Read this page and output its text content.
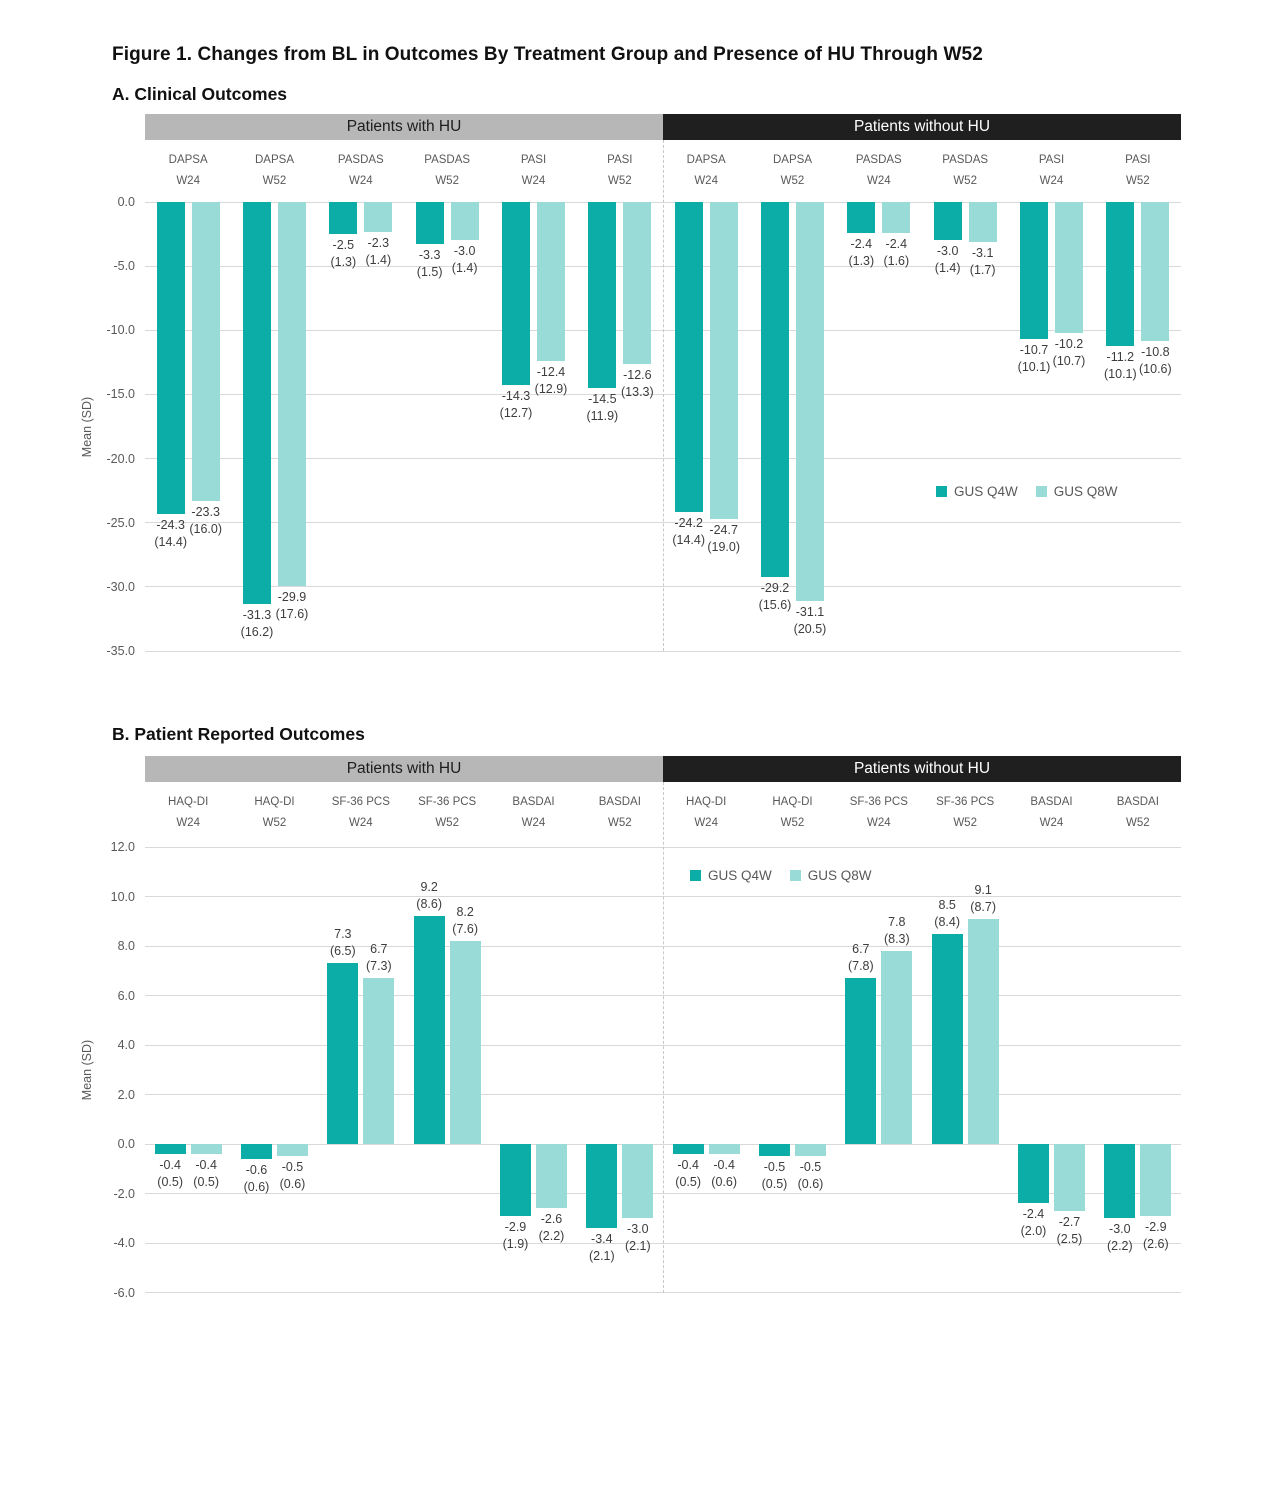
Figure 1. Changes from BL in Outcomes By Treatment Group and Presence of HU Through W52
A. Clinical Outcomes
B. Patient Reported Outcomes
0.0
-5.0
-10.0
-15.0
-20.0
-25.0
-30.0
-35.0
Patients with HU	Patients without HU
Mean (SD)
DAPSA
W24
-24.3
(14.4)
-23.3
(16.0)
DAPSA
W52
-31.3
(16.2)
-29.9
(17.6)
PASDAS
W24
-2.5
(1.3)
-2.3
(1.4)
PASDAS
W52
-3.3
(1.5)
-3.0
(1.4)
PASI
W24
-14.3
(12.7)
-12.4
(12.9)
PASI
W52
-14.5
(11.9)
-12.6
(13.3)
DAPSA
W24
-24.2
(14.4)
-24.7
(19.0)
DAPSA
W52
-29.2
(15.6)
-31.1
(20.5)
PASDAS
W24
-2.4
(1.3)
-2.4
(1.6)
PASDAS
W52
-3.0
(1.4)
-3.1
(1.7)
PASI
W24
-10.7
(10.1)
-10.2
(10.7)
PASI
W52
-11.2
(10.1)
-10.8
(10.6)
GUS Q4W	GUS Q8W
12.0
10.0
8.0
6.0
4.0
2.0
0.0
-2.0
-4.0
-6.0
Patients with HU	Patients without HU
Mean (SD)
HAQ-DI
W24
-0.4
(0.5)
-0.4
(0.5)
HAQ-DI
W52
-0.6
(0.6)
-0.5
(0.6)
SF-36 PCS
W24
7.3
(6.5)	6.7
(7.3)
SF-36 PCS
W52
9.2
(8.6)
8.2
(7.6)
BASDAI
W24
-2.9
(1.9)
-2.6
(2.2)
BASDAI
W52
-3.4
(2.1)
-3.0
(2.1)
HAQ-DI
W24
-0.4
(0.5)
-0.4
(0.6)
HAQ-DI
W52
-0.5
(0.5)
-0.5
(0.6)
SF-36 PCS
W24
6.7
(7.8)
7.8
(8.3)
SF-36 PCS
W52
8.5
(8.4)
9.1
(8.7)
BASDAI
W24
-2.4
(2.0)
-2.7
(2.5)
BASDAI
W52
-3.0
(2.2)
-2.9
(2.6)
GUS Q4W	GUS Q8W
